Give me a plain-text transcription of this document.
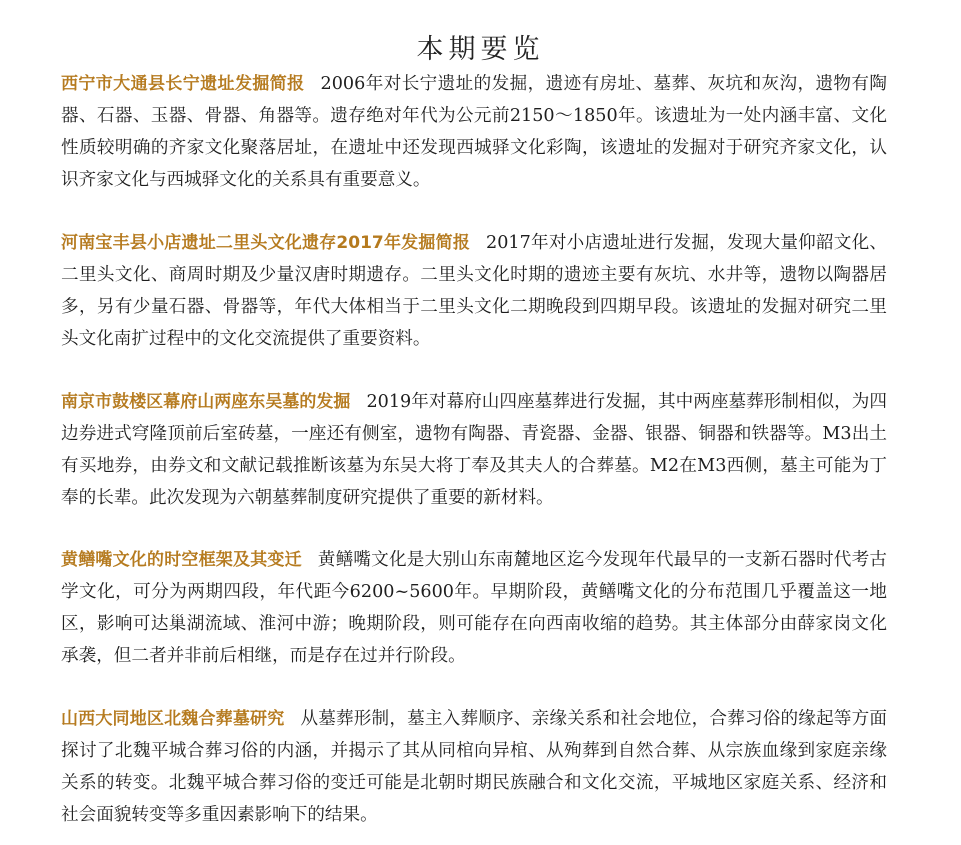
本期要览

西宁市大通县长宁遗址发掘简报 2006年对长宁遗址的发掘，遗迹有房址、墓葬、灰坑和灰沟，遗物有陶器、石器、玉器、骨器、角器等。遗存绝对年代为公元前2150～1850年。该遗址为一处内涵丰富、文化性质较明确的齐家文化聚落居址，在遗址中还发现西城驿文化彩陶，该遗址的发掘对于研究齐家文化，认识齐家文化与西城驿文化的关系具有重要意义。

河南宝丰县小店遗址二里头文化遗存2017年发掘简报 2017年对小店遗址进行发掘，发现大量仰韶文化、二里头文化、商周时期及少量汉唐时期遗存。二里头文化时期的遗迹主要有灰坑、水井等，遗物以陶器居多，另有少量石器、骨器等，年代大体相当于二里头文化二期晚段到四期早段。该遗址的发掘对研究二里头文化南扩过程中的文化交流提供了重要资料。

南京市鼓楼区幕府山两座东吴墓的发掘 2019年对幕府山四座墓葬进行发掘，其中两座墓葬形制相似，为四边券进式穹隆顶前后室砖墓，一座还有侧室，遗物有陶器、青瓷器、金器、银器、铜器和铁器等。M3出土有买地券，由券文和文献记载推断该墓为东吴大将丁奉及其夫人的合葬墓。M2在M3西侧，墓主可能为丁奉的长辈。此次发现为六朝墓葬制度研究提供了重要的新材料。

黄鳝嘴文化的时空框架及其变迁 黄鳝嘴文化是大别山东南麓地区迄今发现年代最早的一支新石器时代考古学文化，可分为两期四段，年代距今6200~5600年。早期阶段，黄鳝嘴文化的分布范围几乎覆盖这一地区，影响可达巢湖流域、淮河中游；晚期阶段，则可能存在向西南收缩的趋势。其主体部分由薛家岗文化承袭，但二者并非前后相继，而是存在过并行阶段。

山西大同地区北魏合葬墓研究 从墓葬形制，墓主入葬顺序、亲缘关系和社会地位，合葬习俗的缘起等方面探讨了北魏平城合葬习俗的内涵，并揭示了其从同棺向异棺、从殉葬到自然合葬、从宗族血缘到家庭亲缘关系的转变。北魏平城合葬习俗的变迁可能是北朝时期民族融合和文化交流，平城地区家庭关系、经济和社会面貌转变等多重因素影响下的结果。
